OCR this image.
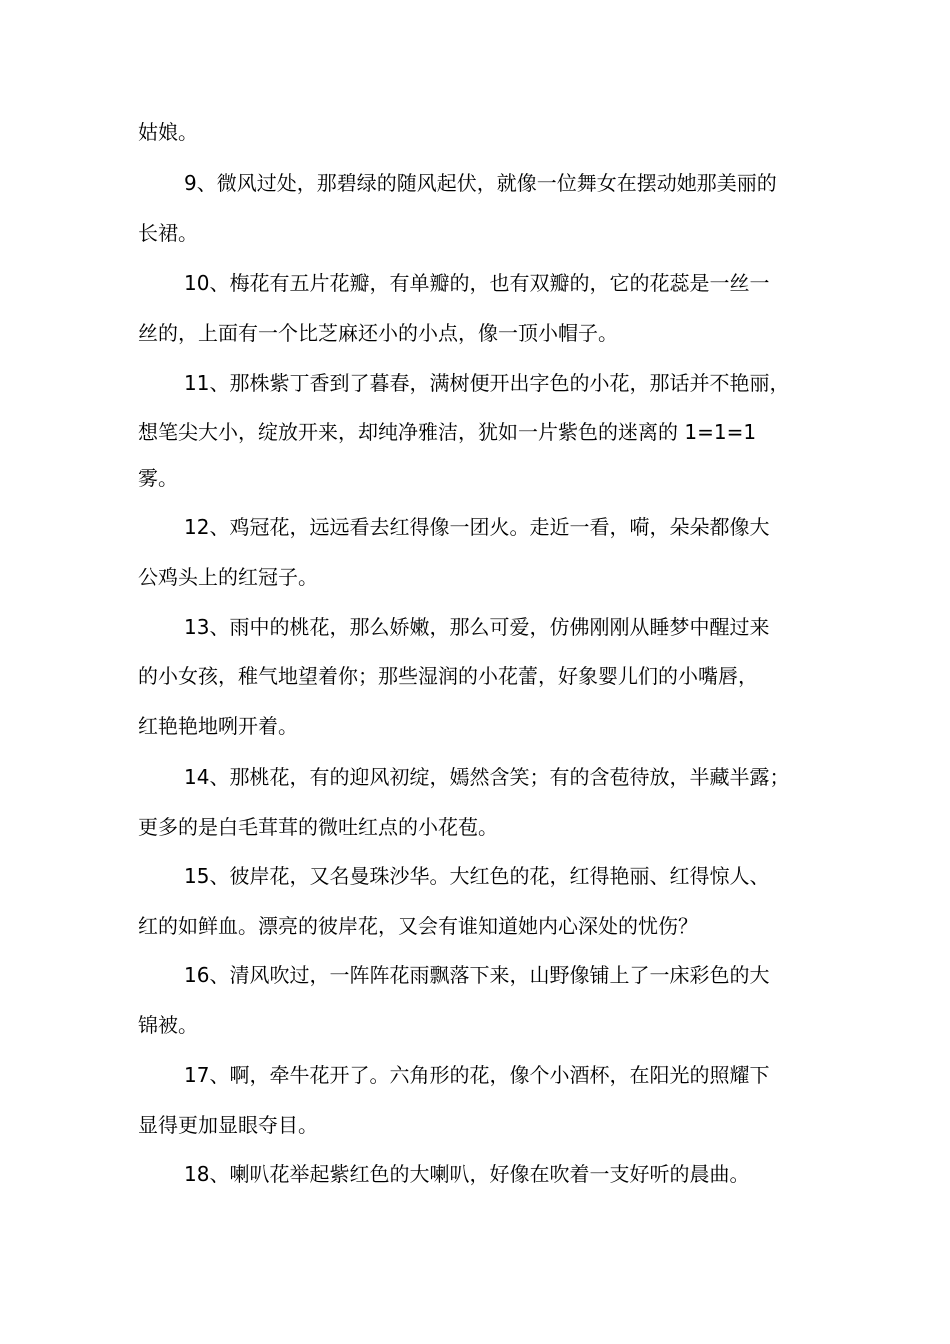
姑娘。
9、微风过处，那碧绿的随风起伏，就像一位舞女在摆动她那美丽的
长裙。
10、梅花有五片花瓣，有单瓣的，也有双瓣的，它的花蕊是一丝一
丝的，上面有一个比芝麻还小的小点，像一顶小帽子。
11、那株紫丁香到了暮春，满树便开出字色的小花，那话并不艳丽，
想笔尖大小，绽放开来，却纯净雅洁，犹如一片紫色的迷离的 1=1=1
雾。
12、鸡冠花，远远看去红得像一团火。走近一看，嗬，朵朵都像大
公鸡头上的红冠子。
13、雨中的桃花，那么娇嫩，那么可爱，仿佛刚刚从睡梦中醒过来
的小女孩，稚气地望着你；那些湿润的小花蕾，好象婴儿们的小嘴唇，
红艳艳地咧开着。
14、那桃花，有的迎风初绽，嫣然含笑；有的含苞待放，半藏半露；
更多的是白毛茸茸的微吐红点的小花苞。
15、彼岸花，又名曼珠沙华。大红色的花，红得艳丽、红得惊人、
红的如鲜血。漂亮的彼岸花，又会有谁知道她内心深处的忧伤？
16、清风吹过，一阵阵花雨飘落下来，山野像铺上了一床彩色的大
锦被。
17、啊，牵牛花开了。六角形的花，像个小酒杯，在阳光的照耀下
显得更加显眼夺目。
18、喇叭花举起紫红色的大喇叭，好像在吹着一支好听的晨曲。
